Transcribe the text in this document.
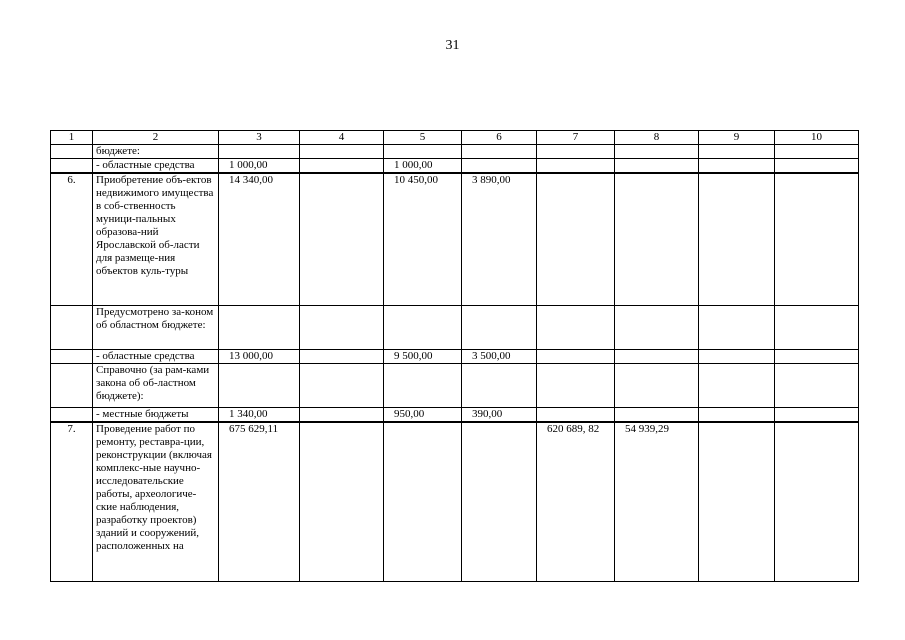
31
1	2	3	4	5	6	7	8	9	10
	бюджете:								
	- областные средства	1 000,00		1 000,00					
6.	Приобретение объ-ектов недвижимого имущества в соб-ственность муници-пальных образова-ний Ярославской об-ласти для размеще-ния объектов куль-туры	14 340,00		10 450,00	3 890,00				
	Предусмотрено за-коном об областном бюджете:								
	- областные средства	13 000,00		9 500,00	3 500,00				
	Справочно (за рам-ками закона об об-ластном бюджете):								
	- местные бюджеты	1 340,00		950,00	390,00				
7.	Проведение работ по ремонту, реставра-ции, реконструкции (включая комплекс-ные научно-исследовательские работы, археологиче-ские наблюдения, разработку проектов) зданий и сооружений, расположенных на	675 629,11				620 689, 82	54 939,29		
